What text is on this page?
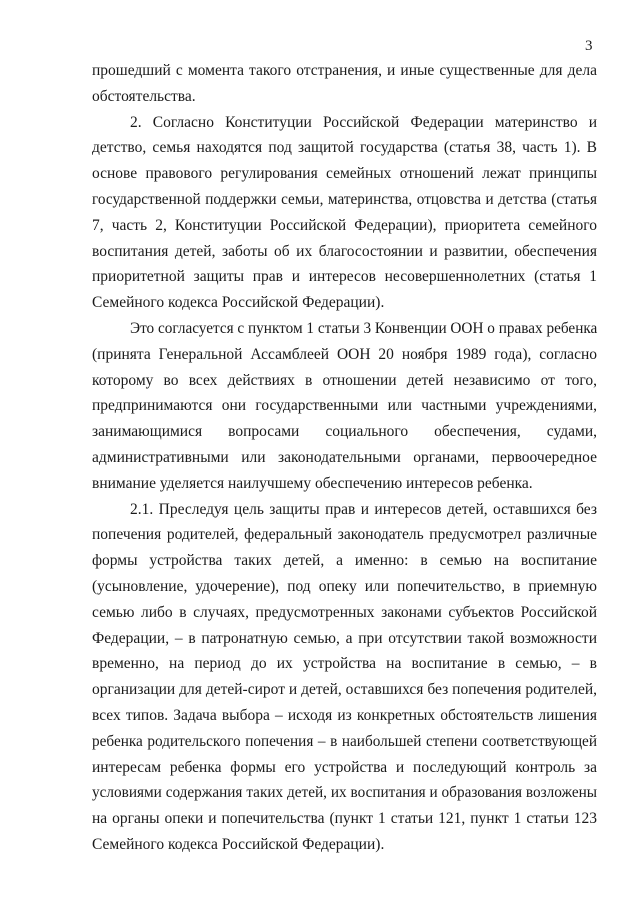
3
прошедший с момента такого отстранения, и иные существенные для дела
обстоятельства.
2. Согласно Конституции Российской Федерации материнство и
детство, семья находятся под защитой государства (статья 38, часть 1). В
основе правового регулирования семейных отношений лежат принципы
государственной поддержки семьи, материнства, отцовства и детства (статья
7, часть 2, Конституции Российской Федерации), приоритета семейного
воспитания детей, заботы об их благосостоянии и развитии, обеспечения
приоритетной защиты прав и интересов несовершеннолетних (статья 1
Семейного кодекса Российской Федерации).
Это согласуется с пунктом 1 статьи 3 Конвенции ООН о правах ребенка
(принята Генеральной Ассамблеей ООН 20 ноября 1989 года), согласно
которому во всех действиях в отношении детей независимо от того,
предпринимаются они государственными или частными учреждениями,
занимающимися вопросами социального обеспечения, судами,
административными или законодательными органами, первоочередное
внимание уделяется наилучшему обеспечению интересов ребенка.
2.1. Преследуя цель защиты прав и интересов детей, оставшихся без
попечения родителей, федеральный законодатель предусмотрел различные
формы устройства таких детей, а именно: в семью на воспитание
(усыновление, удочерение), под опеку или попечительство, в приемную
семью либо в случаях, предусмотренных законами субъектов Российской
Федерации, – в патронатную семью, а при отсутствии такой возможности
временно, на период до их устройства на воспитание в семью, – в
организации для детей-сирот и детей, оставшихся без попечения родителей,
всех типов. Задача выбора – исходя из конкретных обстоятельств лишения
ребенка родительского попечения – в наибольшей степени соответствующей
интересам ребенка формы его устройства и последующий контроль за
условиями содержания таких детей, их воспитания и образования возложены
на органы опеки и попечительства (пункт 1 статьи 121, пункт 1 статьи 123
Семейного кодекса Российской Федерации).
